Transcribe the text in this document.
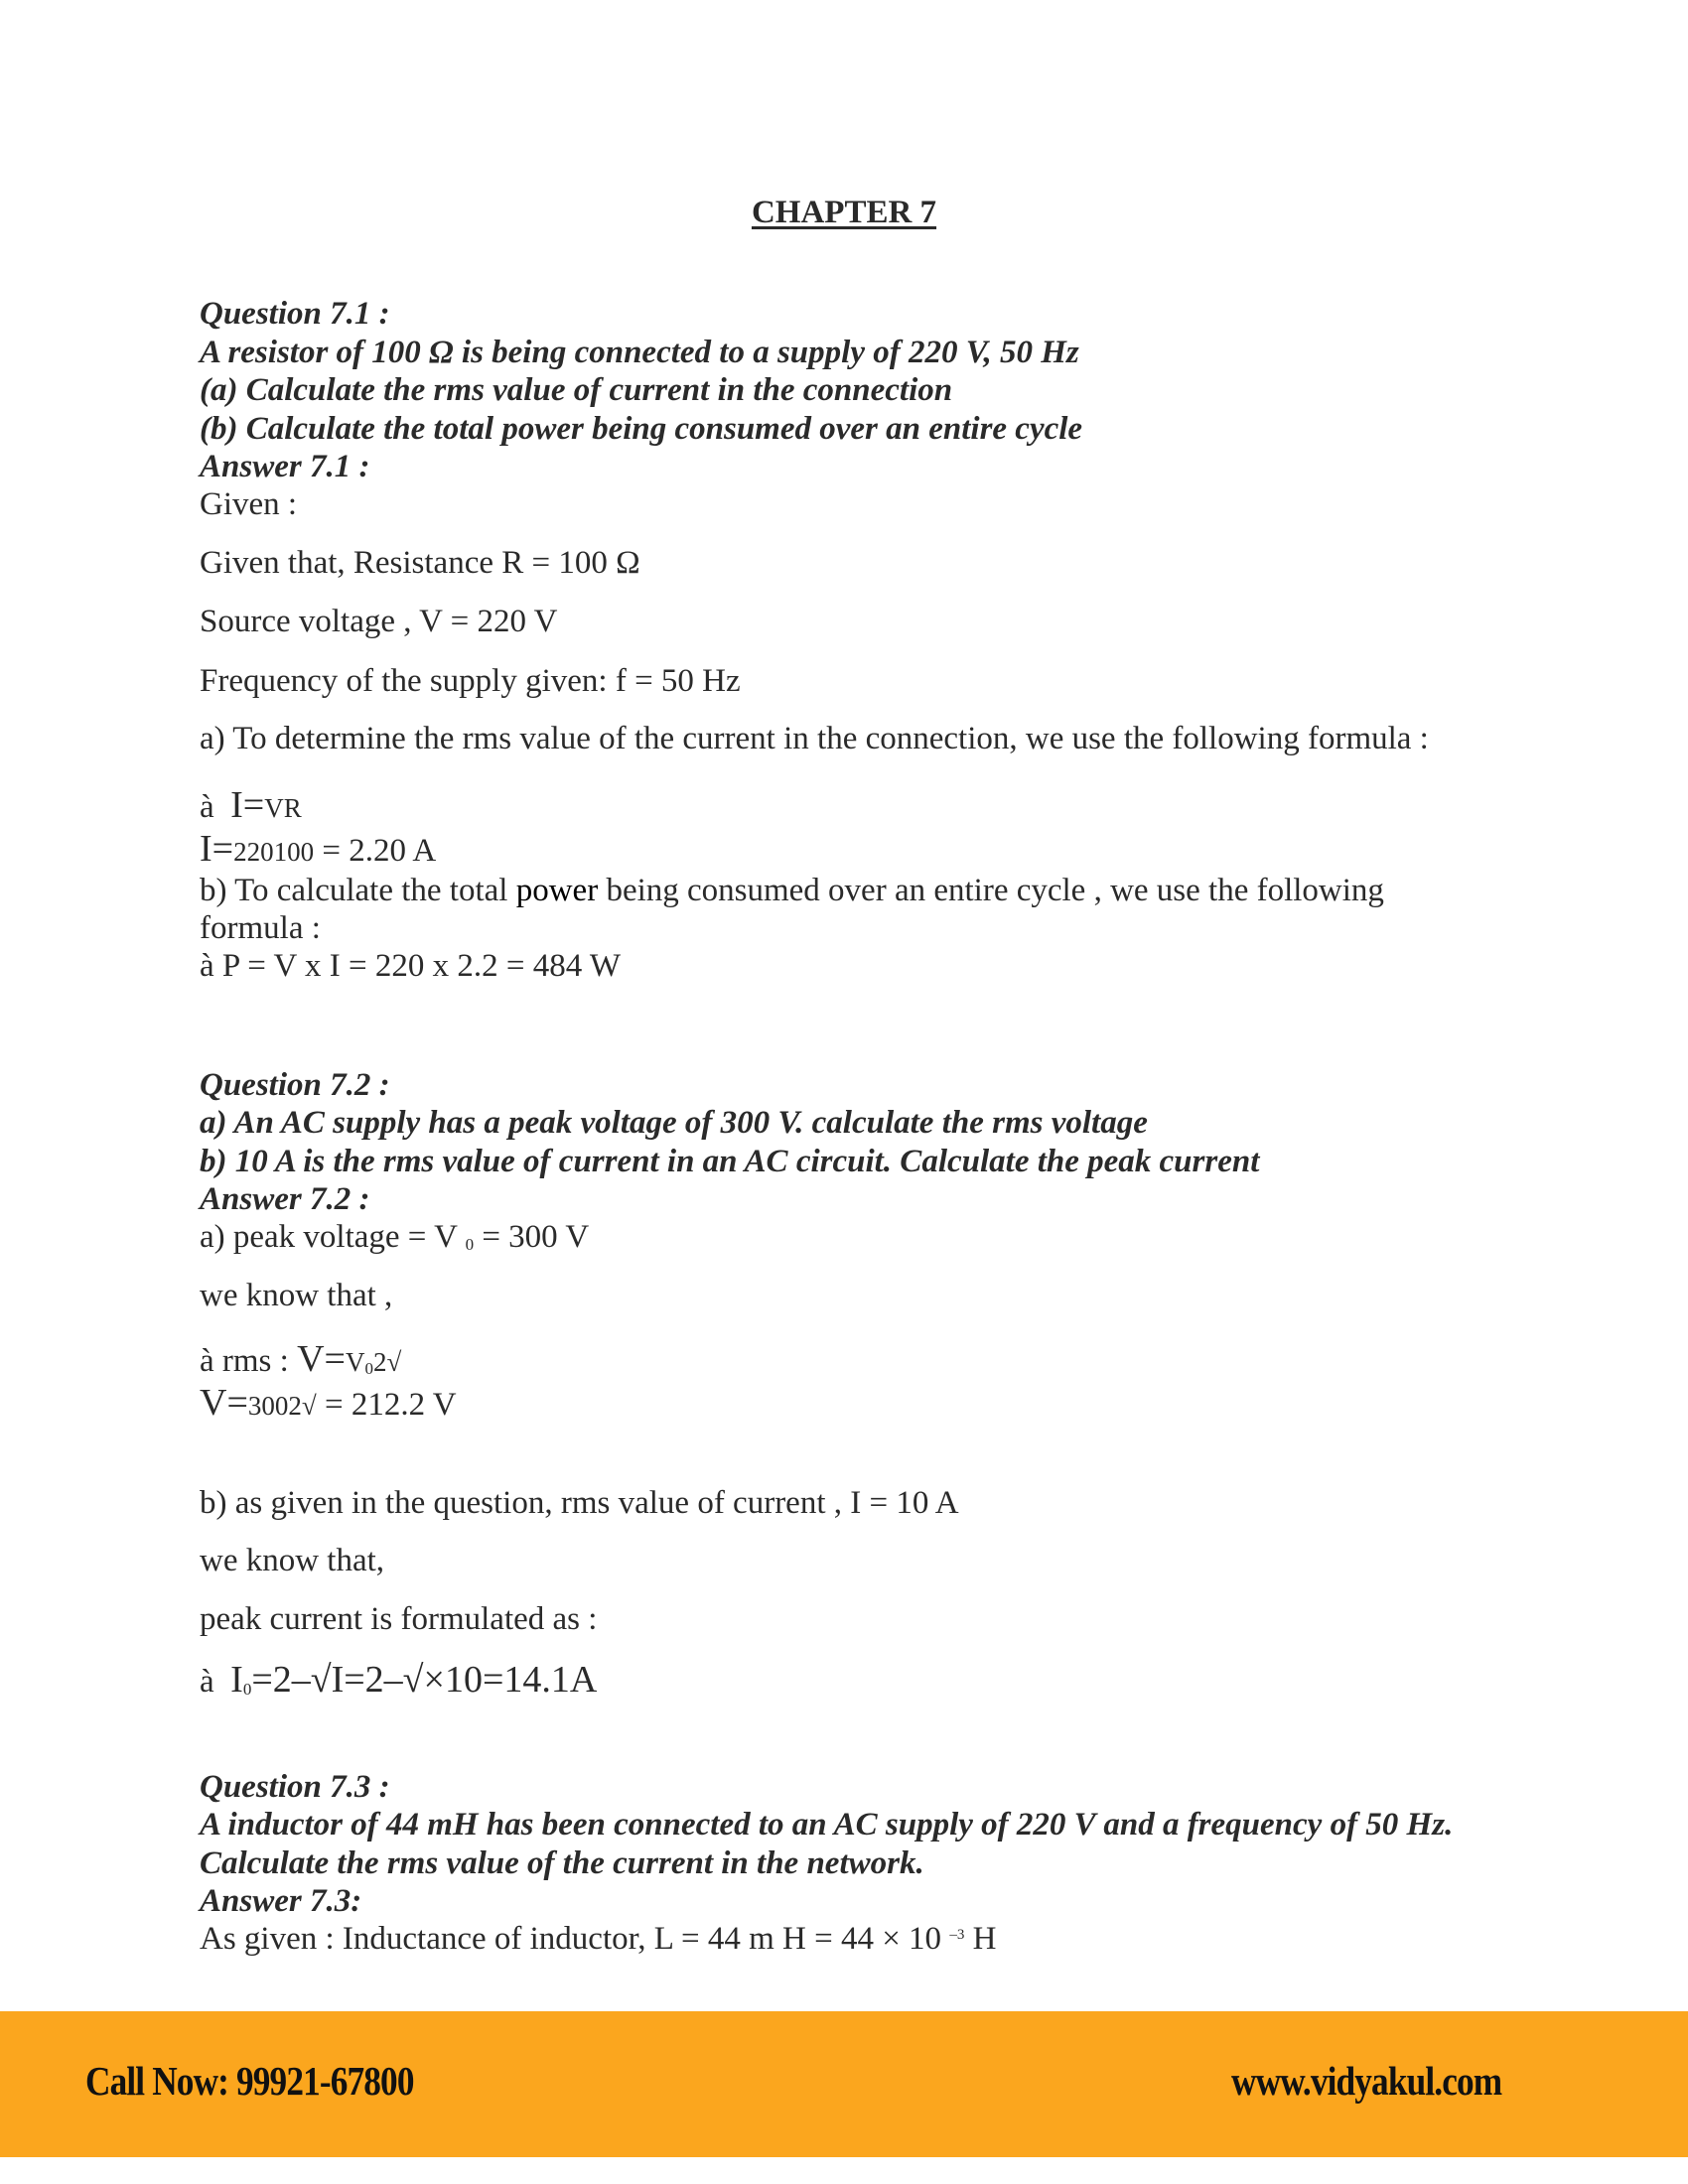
CHAPTER 7
Question 7.1 :
A resistor of 100 Ω is being connected to a supply of 220 V, 50 Hz
(a) Calculate the rms value of current in the connection
(b) Calculate the total power being consumed over an entire cycle
Answer 7.1 :
Given :
Given that, Resistance R = 100 Ω
Source voltage , V = 220 V
Frequency of the supply given: f = 50 Hz
a) To determine the rms value of the current in the connection, we use the following formula :
à I=VR
I=220100 = 2.20 A
b) To calculate the total power being consumed over an entire cycle , we use the following
formula :
à P = V x I = 220 x 2.2 = 484 W
Question 7.2 :
a) An AC supply has a peak voltage of 300 V. calculate the rms voltage
b) 10 A is the rms value of current in an AC circuit. Calculate the peak current
Answer 7.2 :
a) peak voltage = V 0 = 300 V
we know that ,
à rms : V=V02√
V=3002√ = 212.2 V
b) as given in the question, rms value of current , I = 10 A
we know that,
peak current is formulated as :
à I0=2–√I=2–√×10=14.1A
Question 7.3 :
A inductor of 44 mH has been connected to an AC supply of 220 V and a frequency of 50 Hz.
Calculate the rms value of the current in the network.
Answer 7.3:
As given : Inductance of inductor, L = 44 m H = 44 × 10 $^{-3}$ H
Call Now: 99921-67800	www.vidyakul.com
